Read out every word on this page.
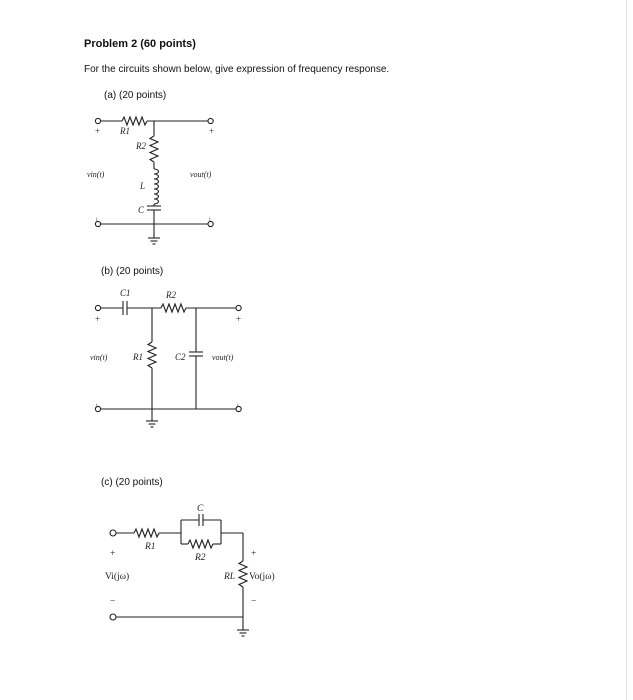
Problem 2 (60 points)
For the circuits shown below, give expression of frequency response.
(a) (20 points)
(b) (20 points)
(c) (20 points)
+	+
R1
R2
vin(t)	vout(t)
L
C
−	−
+	+
C1	R2
vin(t)	R1	C2	vout(t)
−	−
+	+
C
R1
R2
Vi(jω)	RL Vo(jω)
−	−
